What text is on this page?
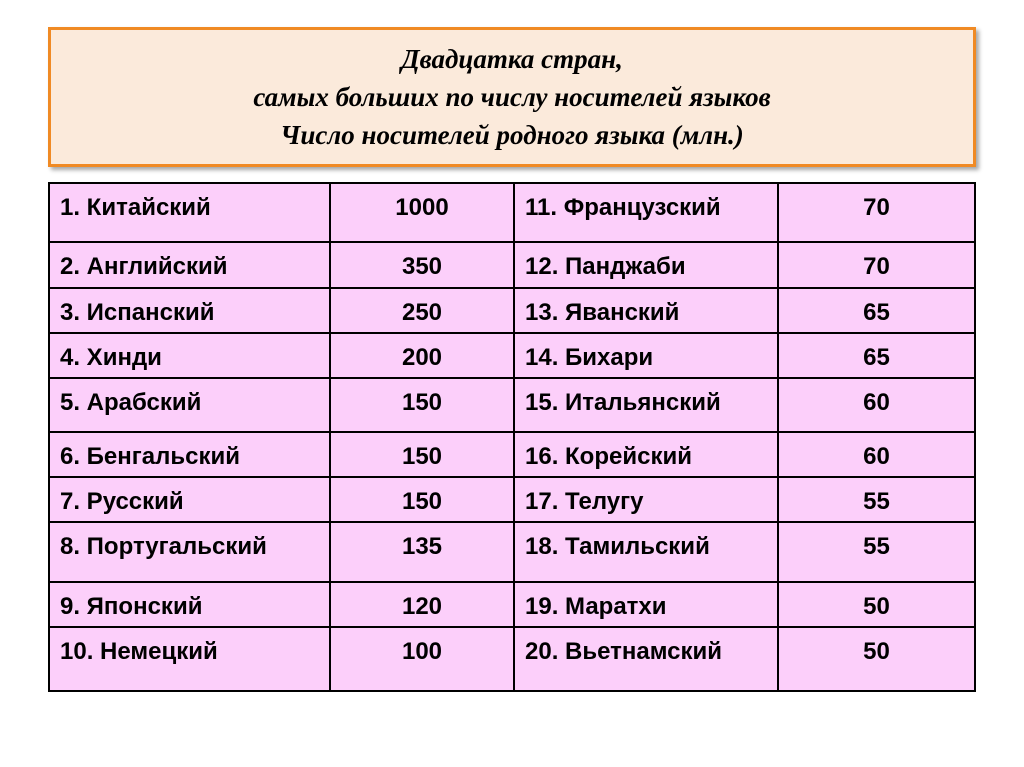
Двадцатка стран,
самых больших по числу носителей языков
Число носителей родного языка (млн.)
1. Китайский	1000	11. Французский	70
2. Английский	350	12. Панджаби	70
3. Испанский	250	13. Яванский	65
4. Хинди	200	14. Бихари	65
5. Арабский	150	15. Итальянский	60
6. Бенгальский	150	16. Корейский	60
7. Русский	150	17. Телугу	55
8. Португальский	135	18. Тамильский	55
9. Японский	120	19. Маратхи	50
10. Немецкий	100	20. Вьетнамский	50
